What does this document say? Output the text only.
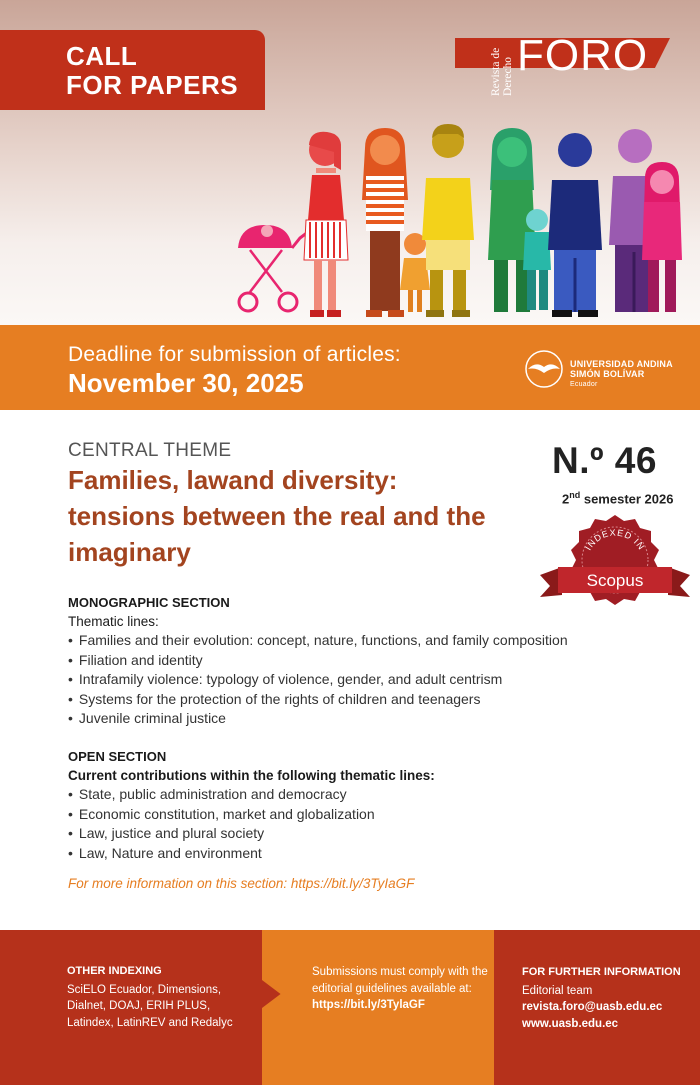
CALL
FOR PAPERS	Revista de Derecho FORO
Deadline for submission of articles:
November 30, 2025
UNIVERSIDAD ANDINA
SIMÓN BOLÍVAR
Ecuador
CENTRAL THEME
Families, lawand diversity: tensions between the real and the imaginary
N.º 46
2nd semester 2026
Scopus
INDEXED IN
MONOGRAPHIC SECTION
Thematic lines:
• Families and their evolution: concept, nature, functions, and family composition
• Filiation and identity
• Intrafamily violence: typology of violence, gender, and adult centrism
• Systems for the protection of the rights of children and teenagers
• Juvenile criminal justice
OPEN SECTION
Current contributions within the following thematic lines:
• State, public administration and democracy
• Economic constitution, market and globalization
• Law, justice and plural society
• Law, Nature and environment
For more information on this section: https://bit.ly/3TyIaGF
OTHER INDEXING
SciELO Ecuador, Dimensions, Dialnet, DOAJ, ERIH PLUS, Latindex, LatinREV and Redalyc
Submissions must comply with the editorial guidelines available at: https://bit.ly/3TylaGF
FOR FURTHER INFORMATION
Editorial team
revista.foro@uasb.edu.ec
www.uasb.edu.ec
